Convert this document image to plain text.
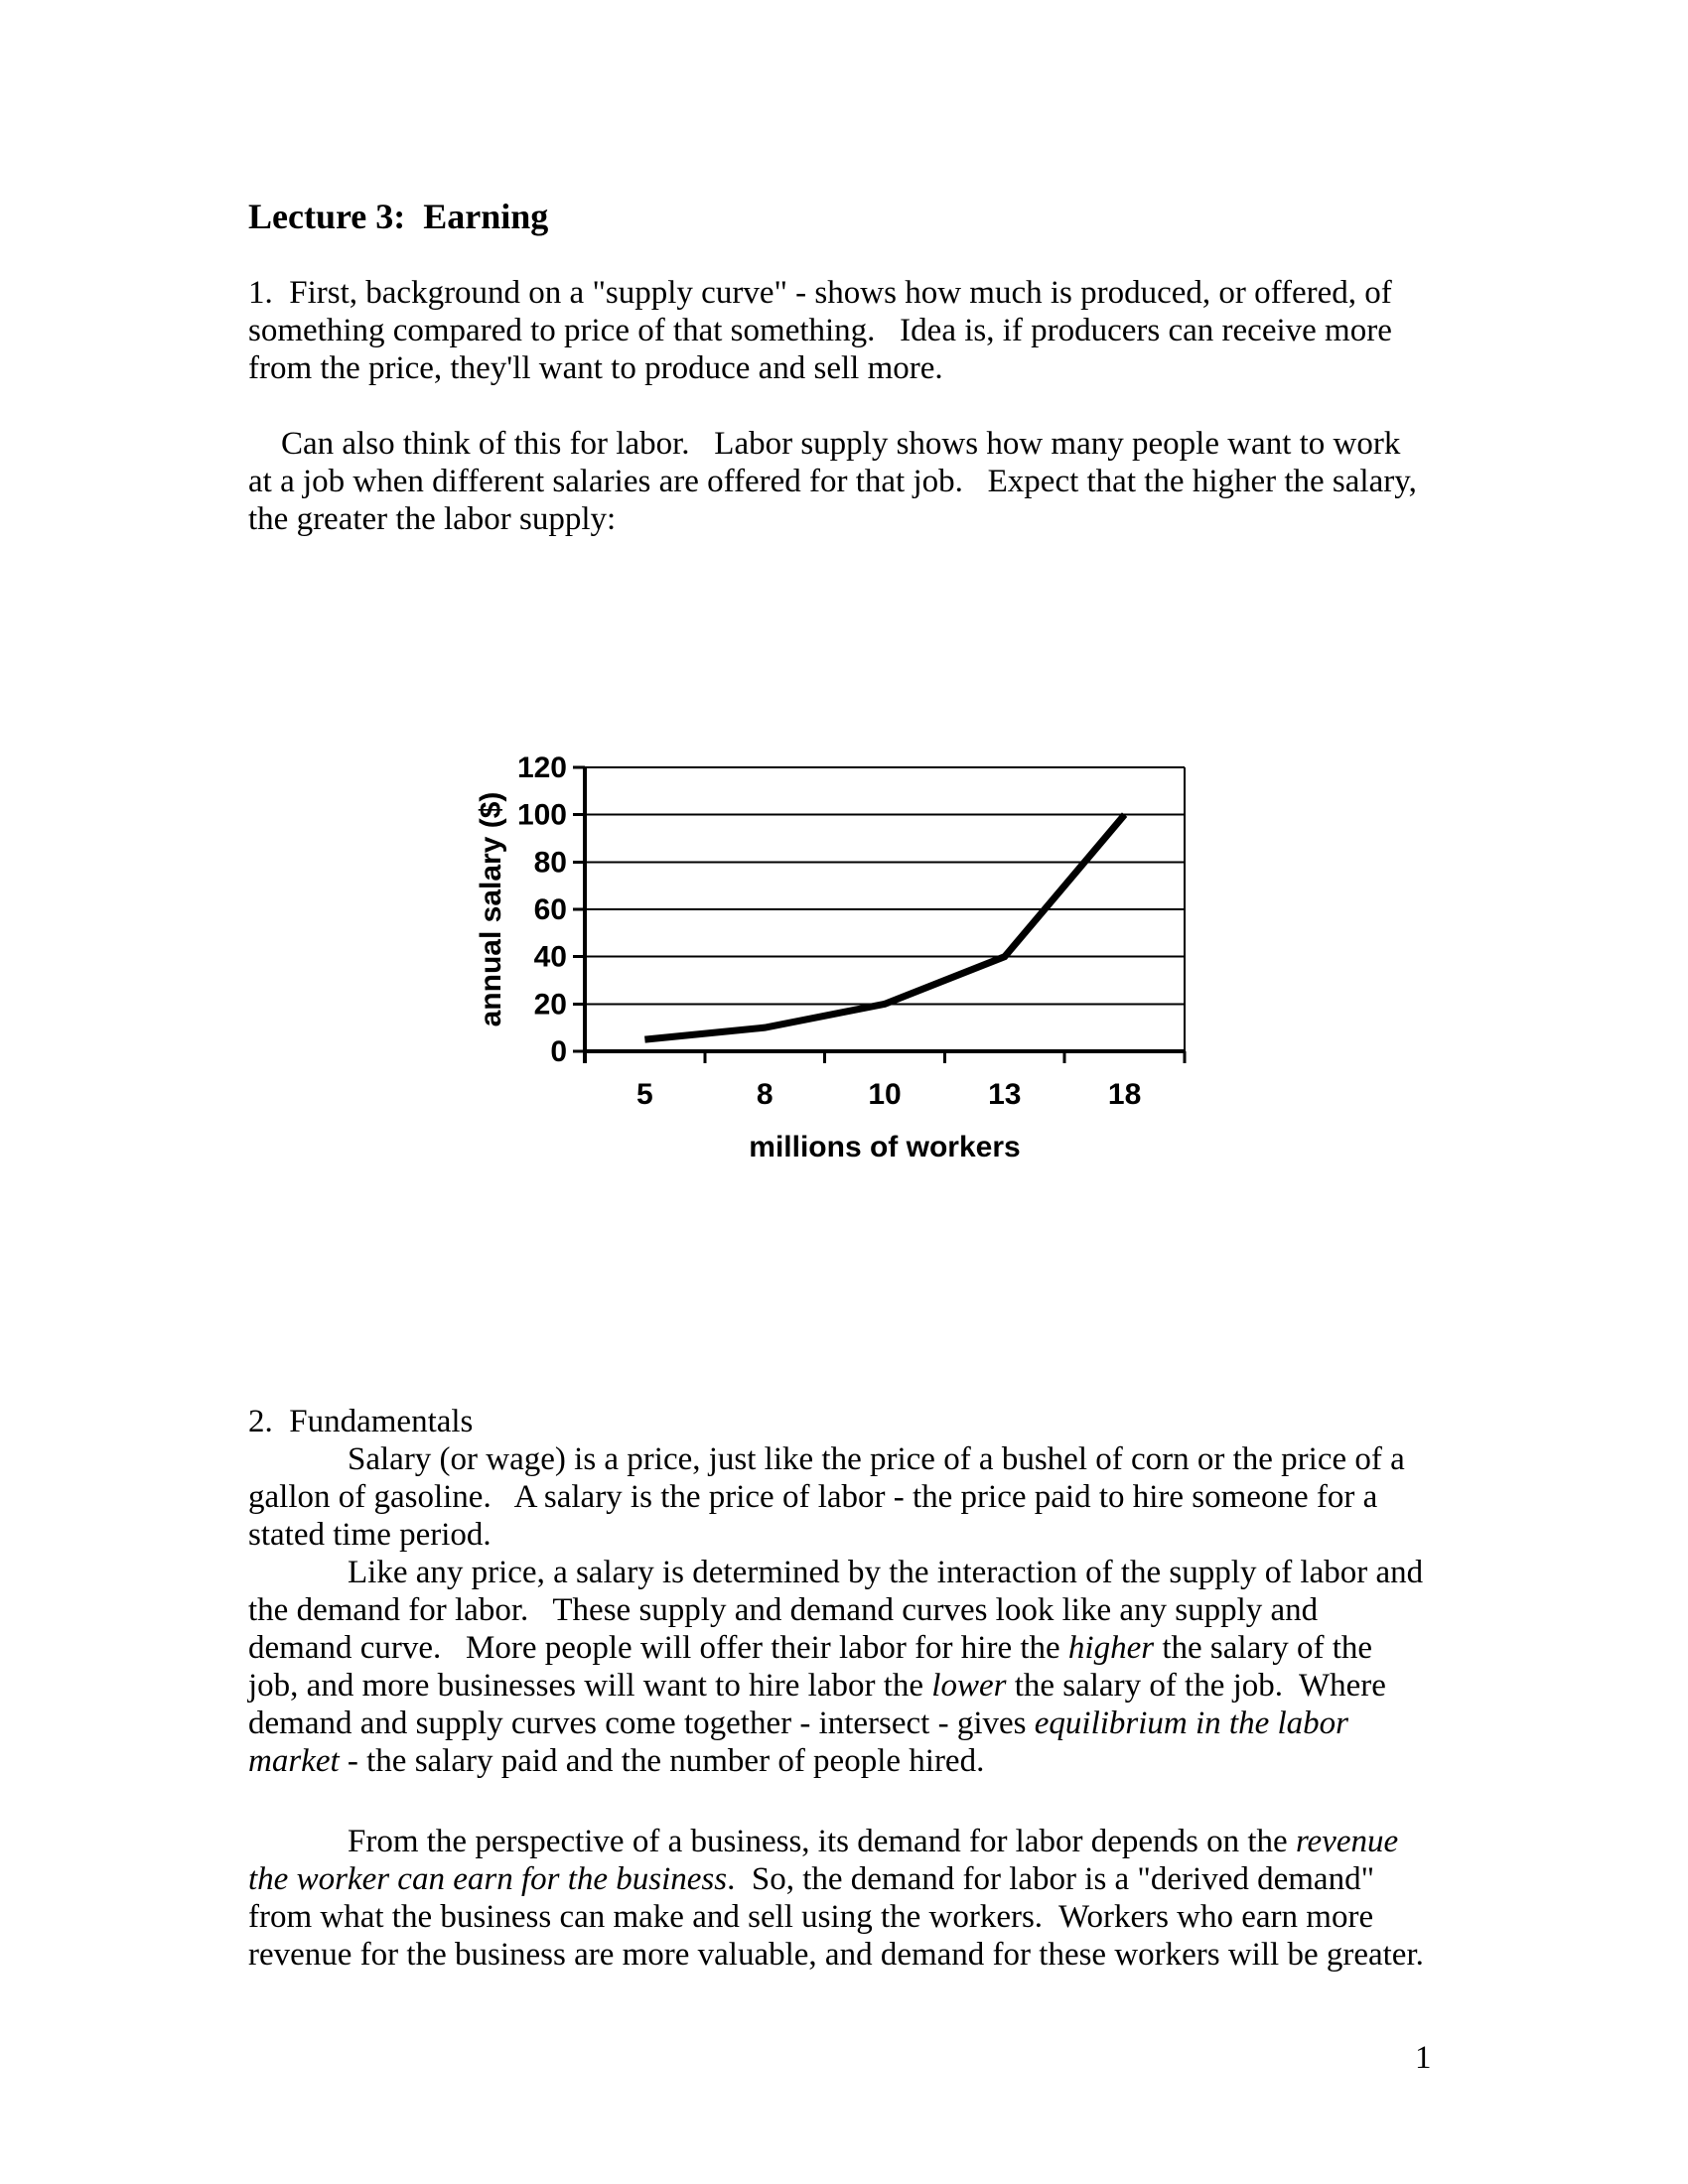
Lecture 3:  Earning
1.  First, background on a "supply curve" - shows how much is produced, or offered, of
something compared to price of that something.   Idea is, if producers can receive more
from the price, they'll want to produce and sell more.
Can also think of this for labor.   Labor supply shows how many people want to work
at a job when different salaries are offered for that job.   Expect that the higher the salary,
the greater the labor supply:
0
20
40
60
80
100
120
5	8	10	13	18
annual salary ($)
millions of workers
2.  Fundamentals
Salary (or wage) is a price, just like the price of a bushel of corn or the price of a
gallon of gasoline.   A salary is the price of labor - the price paid to hire someone for a
stated time period.
Like any price, a salary is determined by the interaction of the supply of labor and
the demand for labor.   These supply and demand curves look like any supply and
demand curve.   More people will offer their labor for hire the higher the salary of the
job, and more businesses will want to hire labor the lower the salary of the job.  Where
demand and supply curves come together - intersect - gives equilibrium in the labor
market - the salary paid and the number of people hired.
From the perspective of a business, its demand for labor depends on the revenue
the worker can earn for the business.  So, the demand for labor is a "derived demand"
from what the business can make and sell using the workers.  Workers who earn more
revenue for the business are more valuable, and demand for these workers will be greater.
1
